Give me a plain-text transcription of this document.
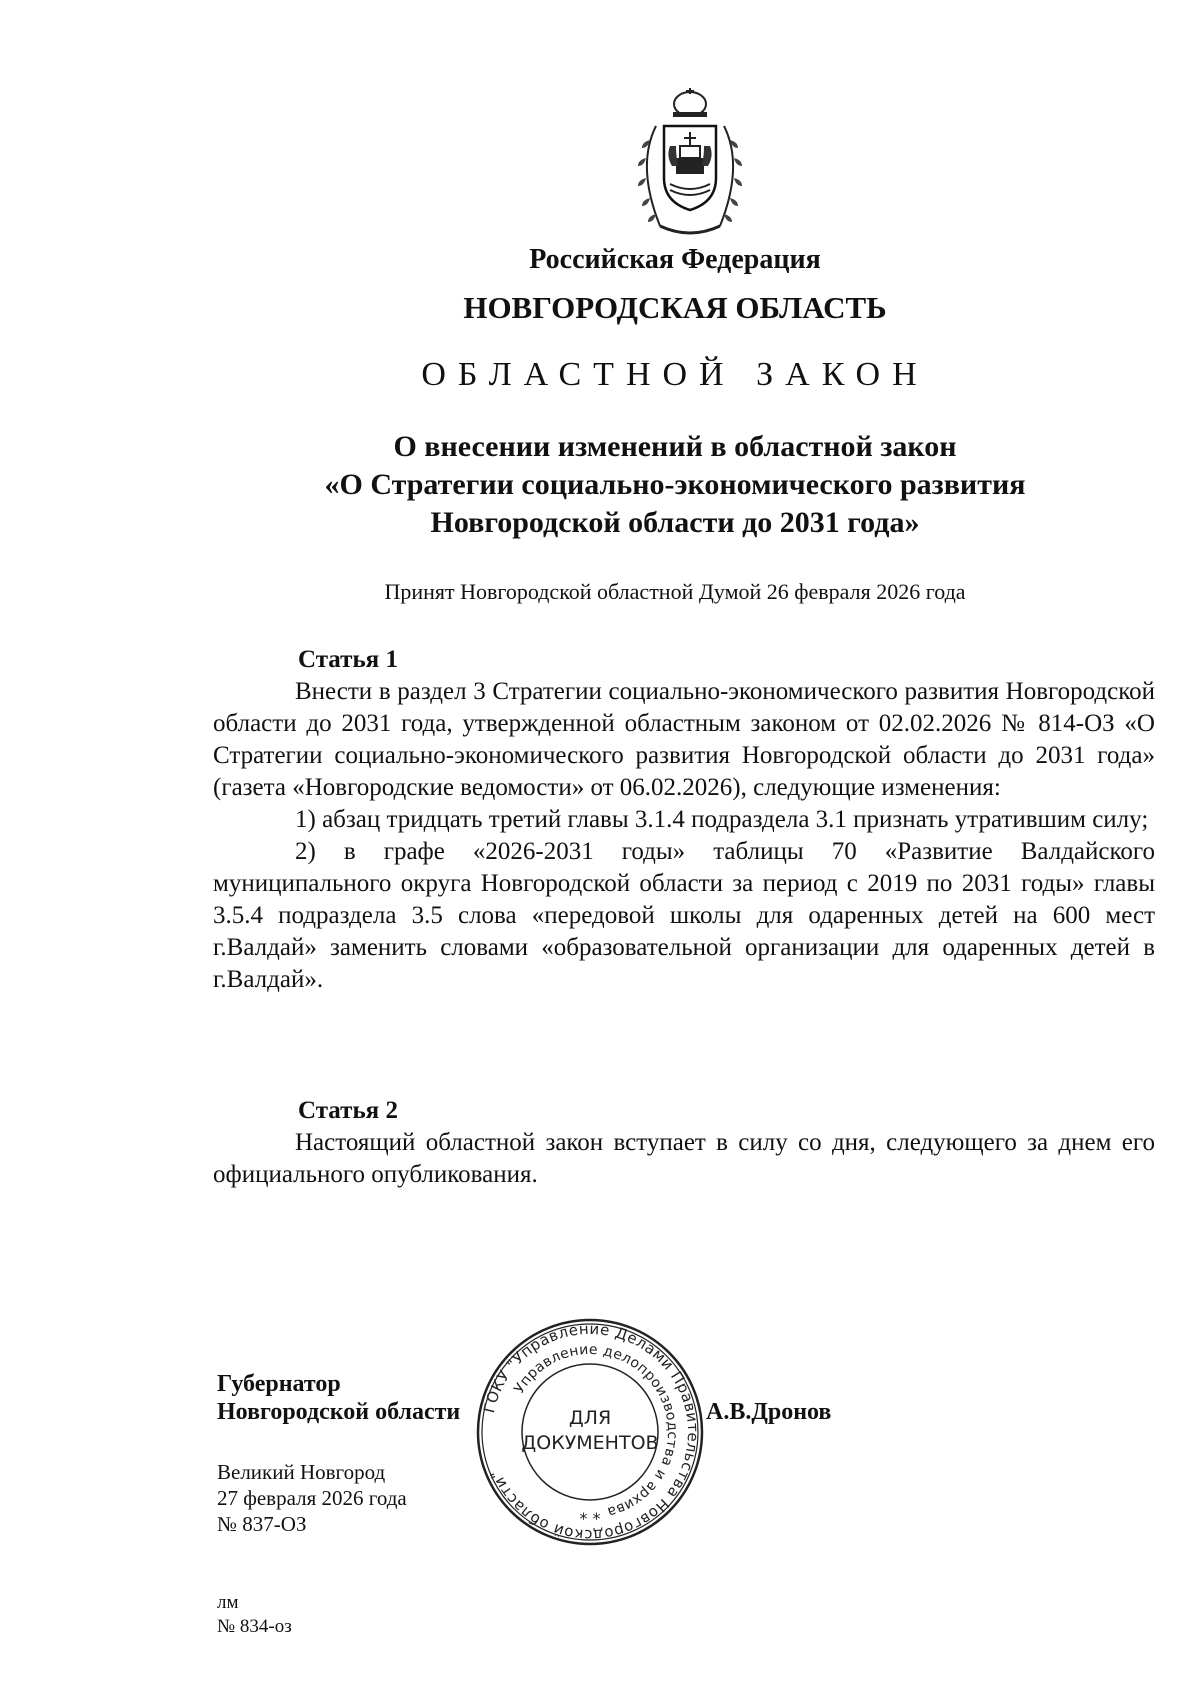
Российская Федерация
НОВГОРОДСКАЯ ОБЛАСТЬ
ОБЛАСТНОЙ ЗАКОН
О внесении изменений в областной закон
«О Стратегии социально-экономического развития
Новгородской области до 2031 года»
Принят Новгородской областной Думой 26 февраля 2026 года
Статья 1

Внести в раздел 3 Стратегии социально-экономического развития Новгородской области до 2031 года, утвержденной областным законом от 02.02.2026 № 814-ОЗ «О Стратегии социально-экономического развития Новгородской области до 2031 года» (газета «Новгородские ведомости» от 06.02.2026), следующие изменения:

1) абзац тридцать третий главы 3.1.4 подраздела 3.1 признать утратившим силу;

2) в графе «2026-2031 годы» таблицы 70 «Развитие Валдайского муниципального округа Новгородской области за период с 2019 по 2031 годы» главы 3.5.4 подраздела 3.5 слова «передовой школы для одаренных детей на 600 мест г.Валдай» заменить словами «образовательной организации для одаренных детей в г.Валдай».

Статья 2

Настоящий областной закон вступает в силу со дня, следующего за днем его официального опубликования.

Губернатор
Новгородской области	А.В.Дронов
ГОКУ "Управление Делами Правительства Новгородской области"
Управление делопроизводства и архива
* *
ДЛЯ
ДОКУМЕНТОВ
Великий Новгород
27 февраля 2026 года
№ 837-ОЗ
лм
№ 834-оз
